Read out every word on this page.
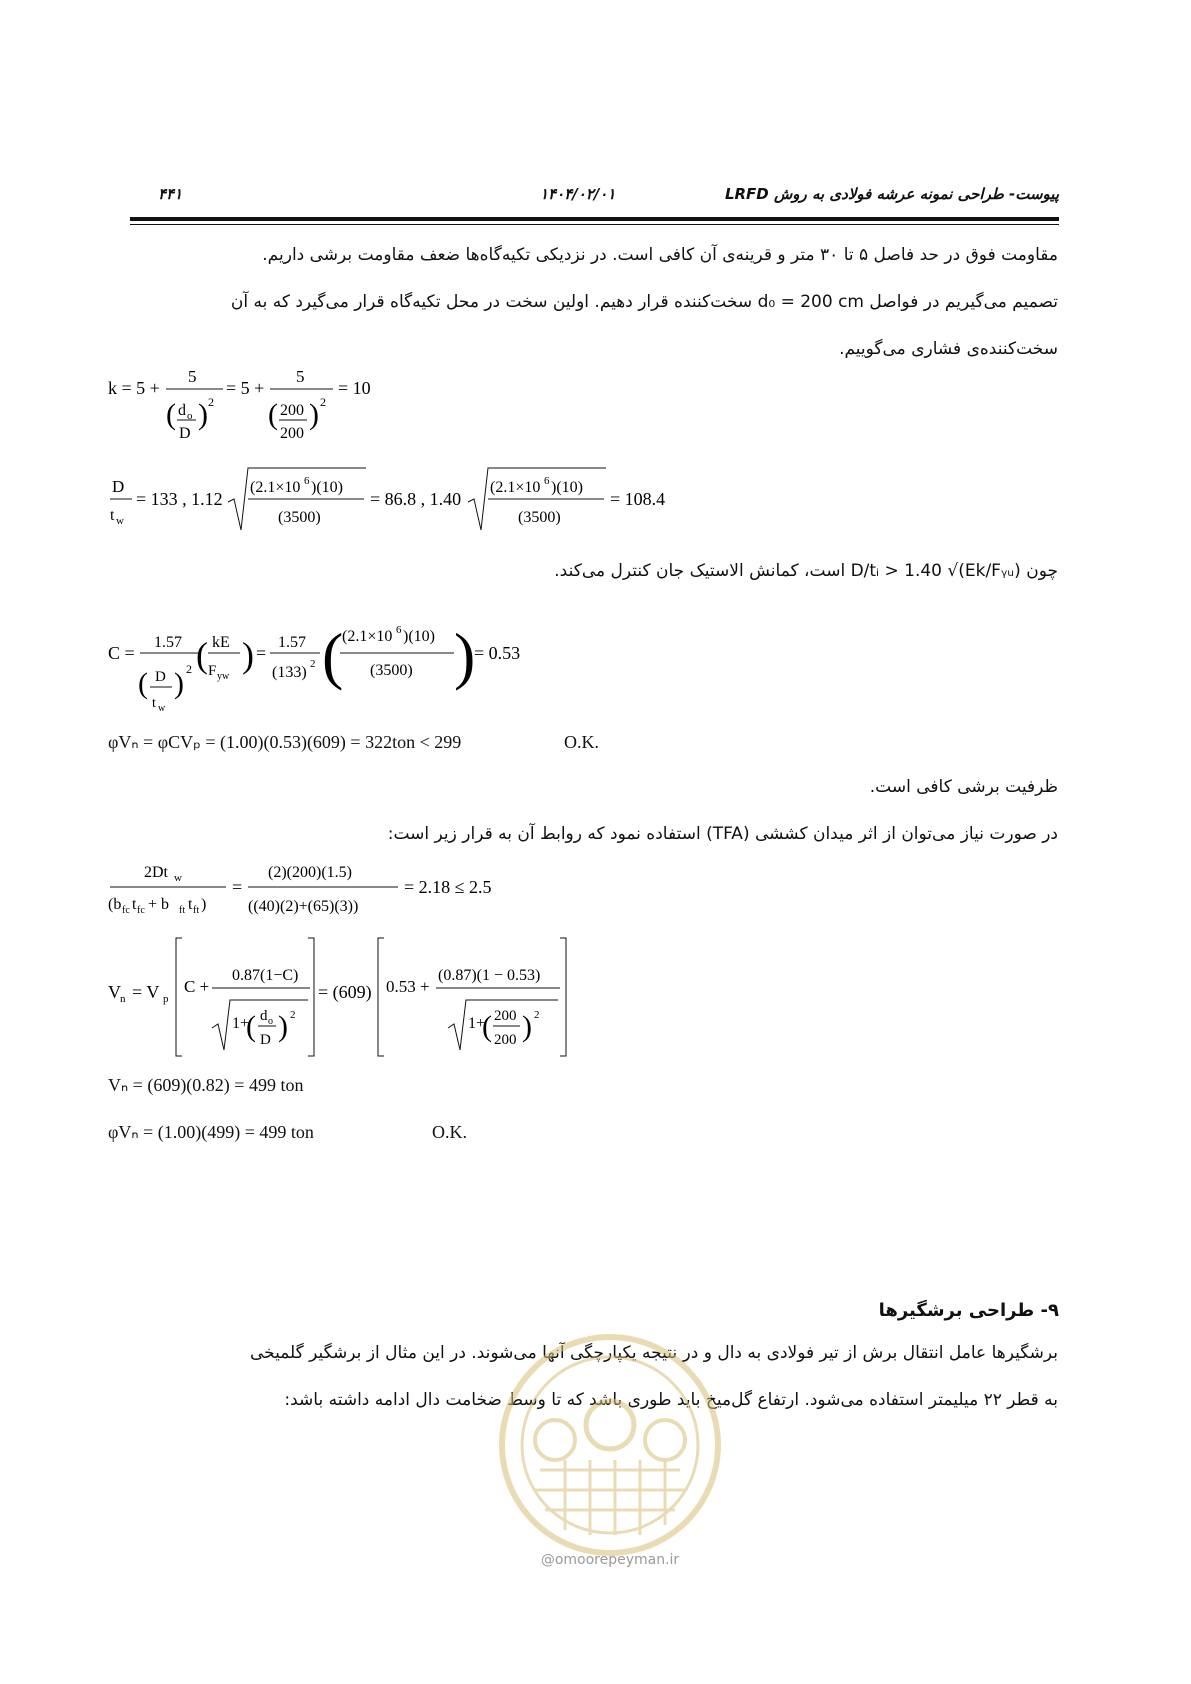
پیوست- طراحی نمونه عرشه فولادی به روش LRFD
۱۴۰۴/۰۲/۰۱
۴۴۱
مقاومت فوق در حد فاصل ۵ تا ۳۰ متر و قرینه‌ی آن کافی است. در نزدیکی تکیه‌گاه‌ها ضعف مقاومت برشی داریم.
تصمیم می‌گیریم در فواصل d₀ = 200 cm سخت‌کننده قرار دهیم. اولین سخت در محل تکیه‌گاه قرار می‌گیرد که به آن
سخت‌کننده‌ی فشاری می‌گوییم.
k = 5 +
5
( d o
D
) 2
= 5 +
5
( 200
200
) 2
= 10
D
t w
= 133 , 1.12
(2.1×10 6 )(10)
(3500)
= 86.8 , 1.40
(2.1×10 6 )(10)
(3500)
= 108.4
چون D/tᵢ > 1.40 √(Ek/Fᵧᵤ) است، کمانش الاستیک جان کنترل می‌کند.
C =
1.57
( D
t w
) 2 ( kE
F yw
) =
1.57
(133) 2 (
(2.1×10 6 )(10)
(3500) )
= 0.53
φVₙ = φCVₚ = (1.00)(0.53)(609) = 322ton < 299	O.K.
ظرفیت برشی کافی است.
در صورت نیاز می‌توان از اثر میدان کششی (TFA) استفاده نمود که روابط آن به قرار زیر است:
2Dt w
(b fc t fc + b ft t ft )
=
(2)(200)(1.5)
((40)(2)+(65)(3))
= 2.18 ≤ 2.5
V n = V p
C +
0.87(1−C)
1+
( d o
D ) 2
= (609) 0.53 +
(0.87)(1 − 0.53)
1+
( 200
200 ) 2
Vₙ = (609)(0.82) = 499 ton
φVₙ = (1.00)(499) = 499 ton	O.K.
۹- طراحی برشگیرها
برشگیرها عامل انتقال برش از تیر فولادی به دال و در نتیجه یکپارچگی آنها می‌شوند. در این مثال از برشگیر گلمیخی
به قطر ۲۲ میلیمتر استفاده می‌شود. ارتفاع گل‌میخ باید طوری باشد که تا وسط ضخامت دال ادامه داشته باشد:
@omoorepeyman.ir
